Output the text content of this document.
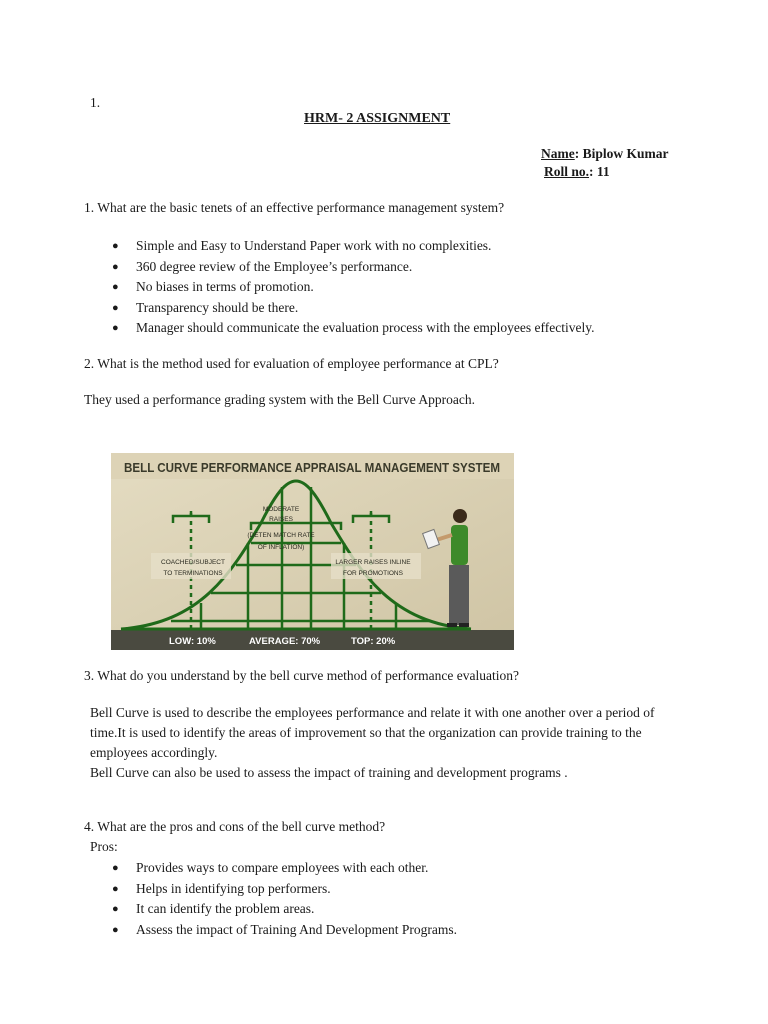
1.
HRM- 2 ASSIGNMENT
Name: Biplow Kumar
Roll no.: 11
1. What are the basic tenets of an effective performance management system?
● Simple and Easy to Understand Paper work with no complexities.
● 360 degree review of the Employee’s performance.
● No biases in terms of promotion.
● Transparency should be there.
● Manager should communicate the evaluation process with the employees effectively.
2. What is the method used for evaluation of employee performance at CPL?
They used a performance grading system with the Bell Curve Approach.
BELL CURVE PERFORMANCE APPRAISAL MANAGEMENT SYSTEM
COACHED/SUBJECT
TO TERMINATIONS
MODERATE
RAISES
(DETEN MATCH RATE
OF INFLATION)
LARGER RAISES INLINE
FOR PROMOTIONS
LOW: 10%	AVERAGE: 70%	TOP: 20%
3. What do you understand by the bell curve method of performance evaluation?
Bell Curve is used to describe the employees performance and relate it with one another over a period of time.It is used to identify the areas of improvement so that the organization can provide training to the employees accordingly.
Bell Curve can also be used to assess the impact of training and development programs .
4. What are the pros and cons of the bell curve method?
Pros:
● Provides ways to compare employees with each other.
● Helps in identifying top performers.
● It can identify the problem areas.
● Assess the impact of Training And Development Programs.
